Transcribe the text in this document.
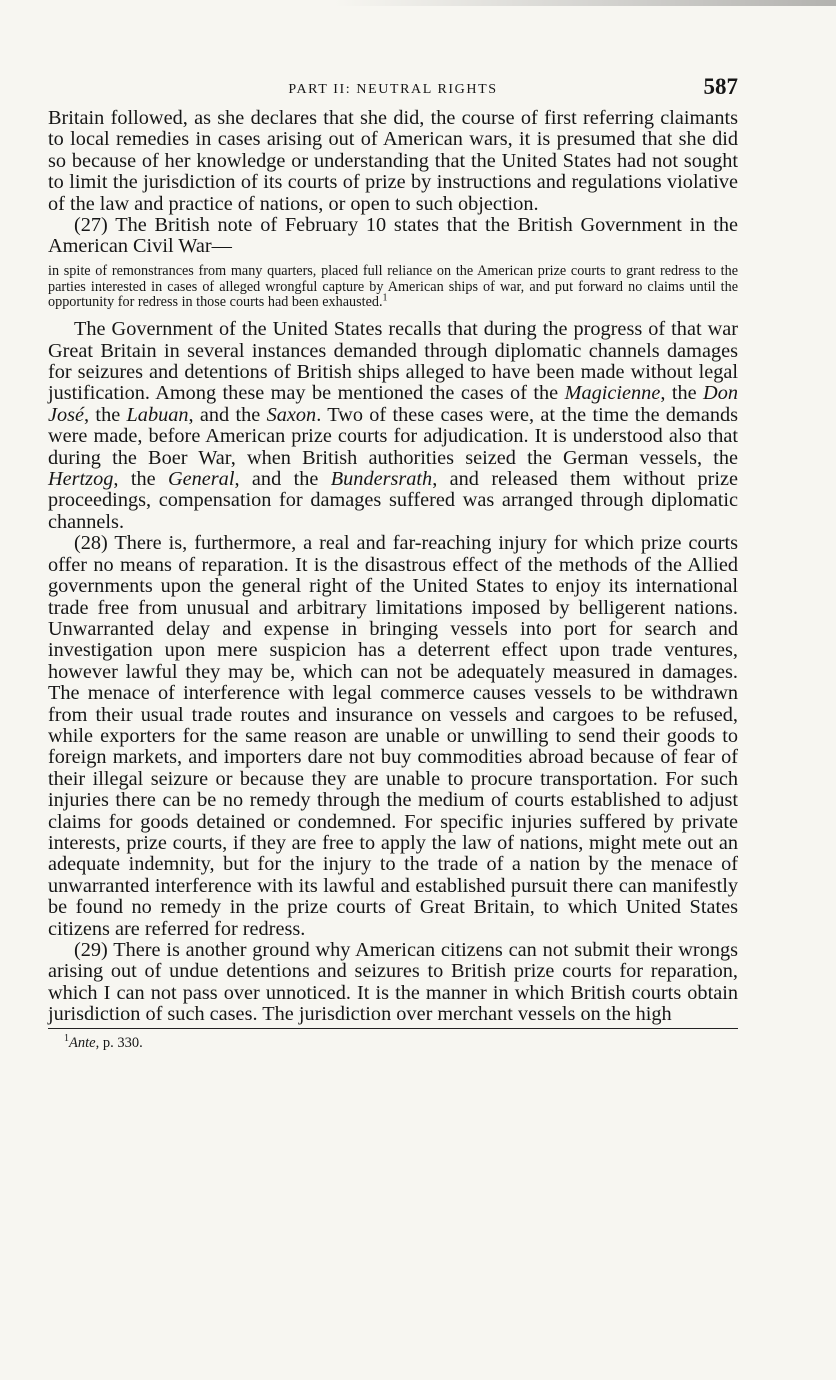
PART II: NEUTRAL RIGHTS	587

Britain followed, as she declares that she did, the course of first referring claimants to local remedies in cases arising out of American wars, it is presumed that she did so because of her knowledge or understanding that the United States had not sought to limit the jurisdiction of its courts of prize by instructions and regulations violative of the law and practice of nations, or open to such objection.

(27) The British note of February 10 states that the British Government in the American Civil War—

in spite of remonstrances from many quarters, placed full reliance on the American prize courts to grant redress to the parties interested in cases of alleged wrongful capture by American ships of war, and put forward no claims until the opportunity for redress in those courts had been exhausted.$^1$

The Government of the United States recalls that during the progress of that war Great Britain in several instances demanded through diplomatic channels damages for seizures and detentions of British ships alleged to have been made without legal justification. Among these may be mentioned the cases of the Magicienne, the Don José, the Labuan, and the Saxon. Two of these cases were, at the time the demands were made, before American prize courts for adjudication. It is understood also that during the Boer War, when British authorities seized the German vessels, the Hertzog, the General, and the Bundersrath, and released them without prize proceedings, compensation for damages suffered was arranged through diplomatic channels.

(28) There is, furthermore, a real and far-reaching injury for which prize courts offer no means of reparation. It is the disastrous effect of the methods of the Allied governments upon the general right of the United States to enjoy its international trade free from unusual and arbitrary limitations imposed by belligerent nations. Unwarranted delay and expense in bringing vessels into port for search and investigation upon mere suspicion has a deterrent effect upon trade ventures, however lawful they may be, which can not be adequately measured in damages. The menace of interference with legal commerce causes vessels to be withdrawn from their usual trade routes and insurance on vessels and cargoes to be refused, while exporters for the same reason are unable or unwilling to send their goods to foreign markets, and importers dare not buy commodities abroad because of fear of their illegal seizure or because they are unable to procure transportation. For such injuries there can be no remedy through the medium of courts established to adjust claims for goods detained or condemned. For specific injuries suffered by private interests, prize courts, if they are free to apply the law of nations, might mete out an adequate indemnity, but for the injury to the trade of a nation by the menace of unwarranted interference with its lawful and established pursuit there can manifestly be found no remedy in the prize courts of Great Britain, to which United States citizens are referred for redress.

(29) There is another ground why American citizens can not submit their wrongs arising out of undue detentions and seizures to British prize courts for reparation, which I can not pass over unnoticed. It is the manner in which British courts obtain jurisdiction of such cases. The jurisdiction over merchant vessels on the high

$^1$Ante, p. 330.
